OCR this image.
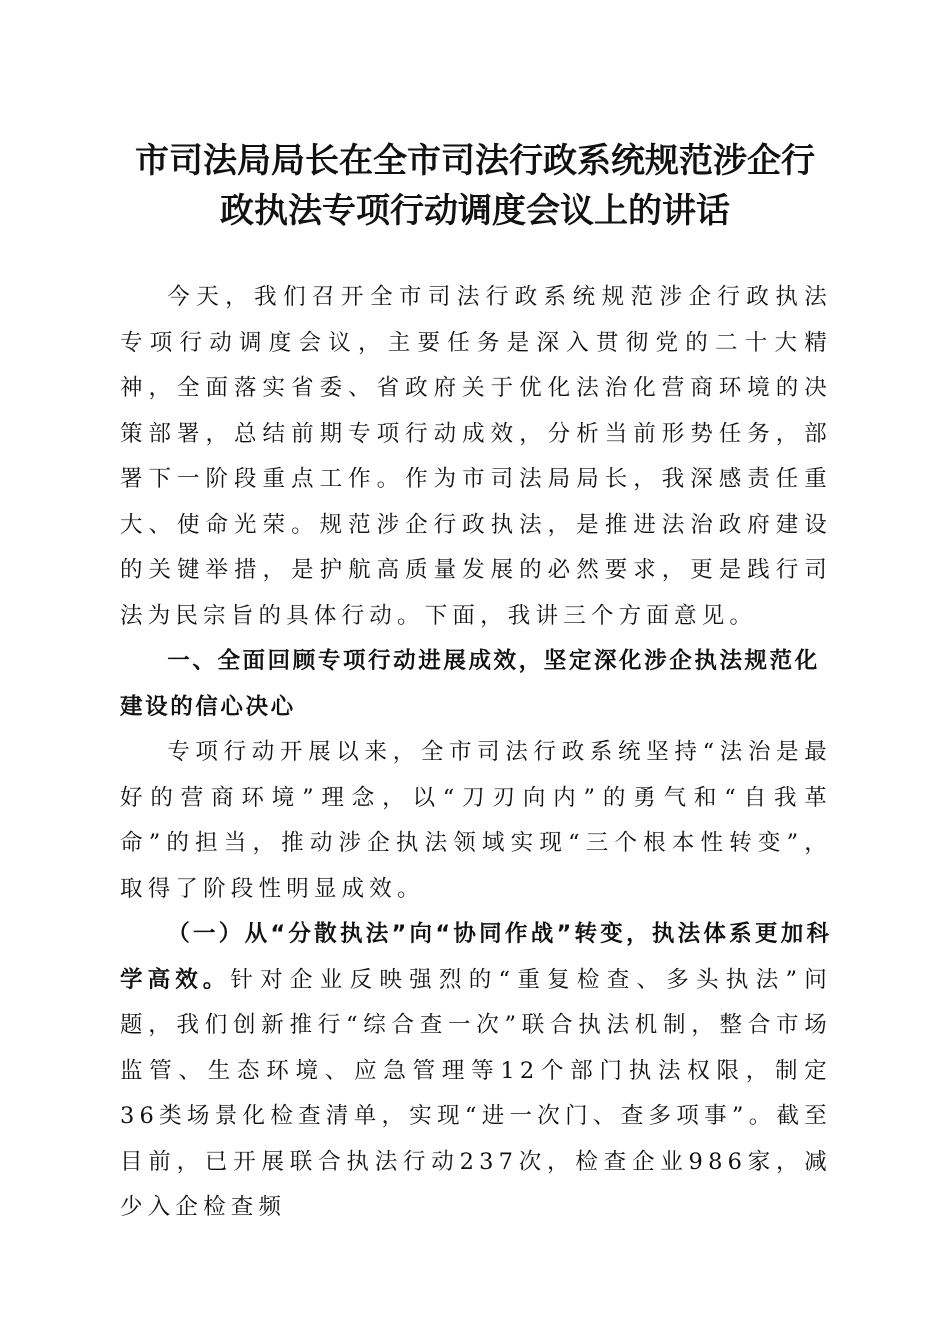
市司法局局长在全市司法行政系统规范涉企行
政执法专项行动调度会议上的讲话

今天，我们召开全市司法行政系统规范涉企行政执法专项行动调度会议，主要任务是深入贯彻党的二十大精神，全面落实省委、省政府关于优化法治化营商环境的决策部署，总结前期专项行动成效，分析当前形势任务，部署下一阶段重点工作。作为市司法局局长，我深感责任重大、使命光荣。规范涉企行政执法，是推进法治政府建设的关键举措，是护航高质量发展的必然要求，更是践行司法为民宗旨的具体行动。下面，我讲三个方面意见。

一、全面回顾专项行动进展成效，坚定深化涉企执法规范化建设的信心决心

专项行动开展以来，全市司法行政系统坚持“法治是最好的营商环境”理念，以“刀刃向内”的勇气和“自我革命”的担当，推动涉企执法领域实现“三个根本性转变”，取得了阶段性明显成效。

（一）从“分散执法”向“协同作战”转变，执法体系更加科学高效。针对企业反映强烈的“重复检查、多头执法”问题，我们创新推行“综合查一次”联合执法机制，整合市场监管、生态环境、应急管理等12个部门执法权限，制定36类场景化检查清单，实现“进一次门、查多项事”。截至目前，已开展联合执法行动237次，检查企业986家，减少入企检查频
